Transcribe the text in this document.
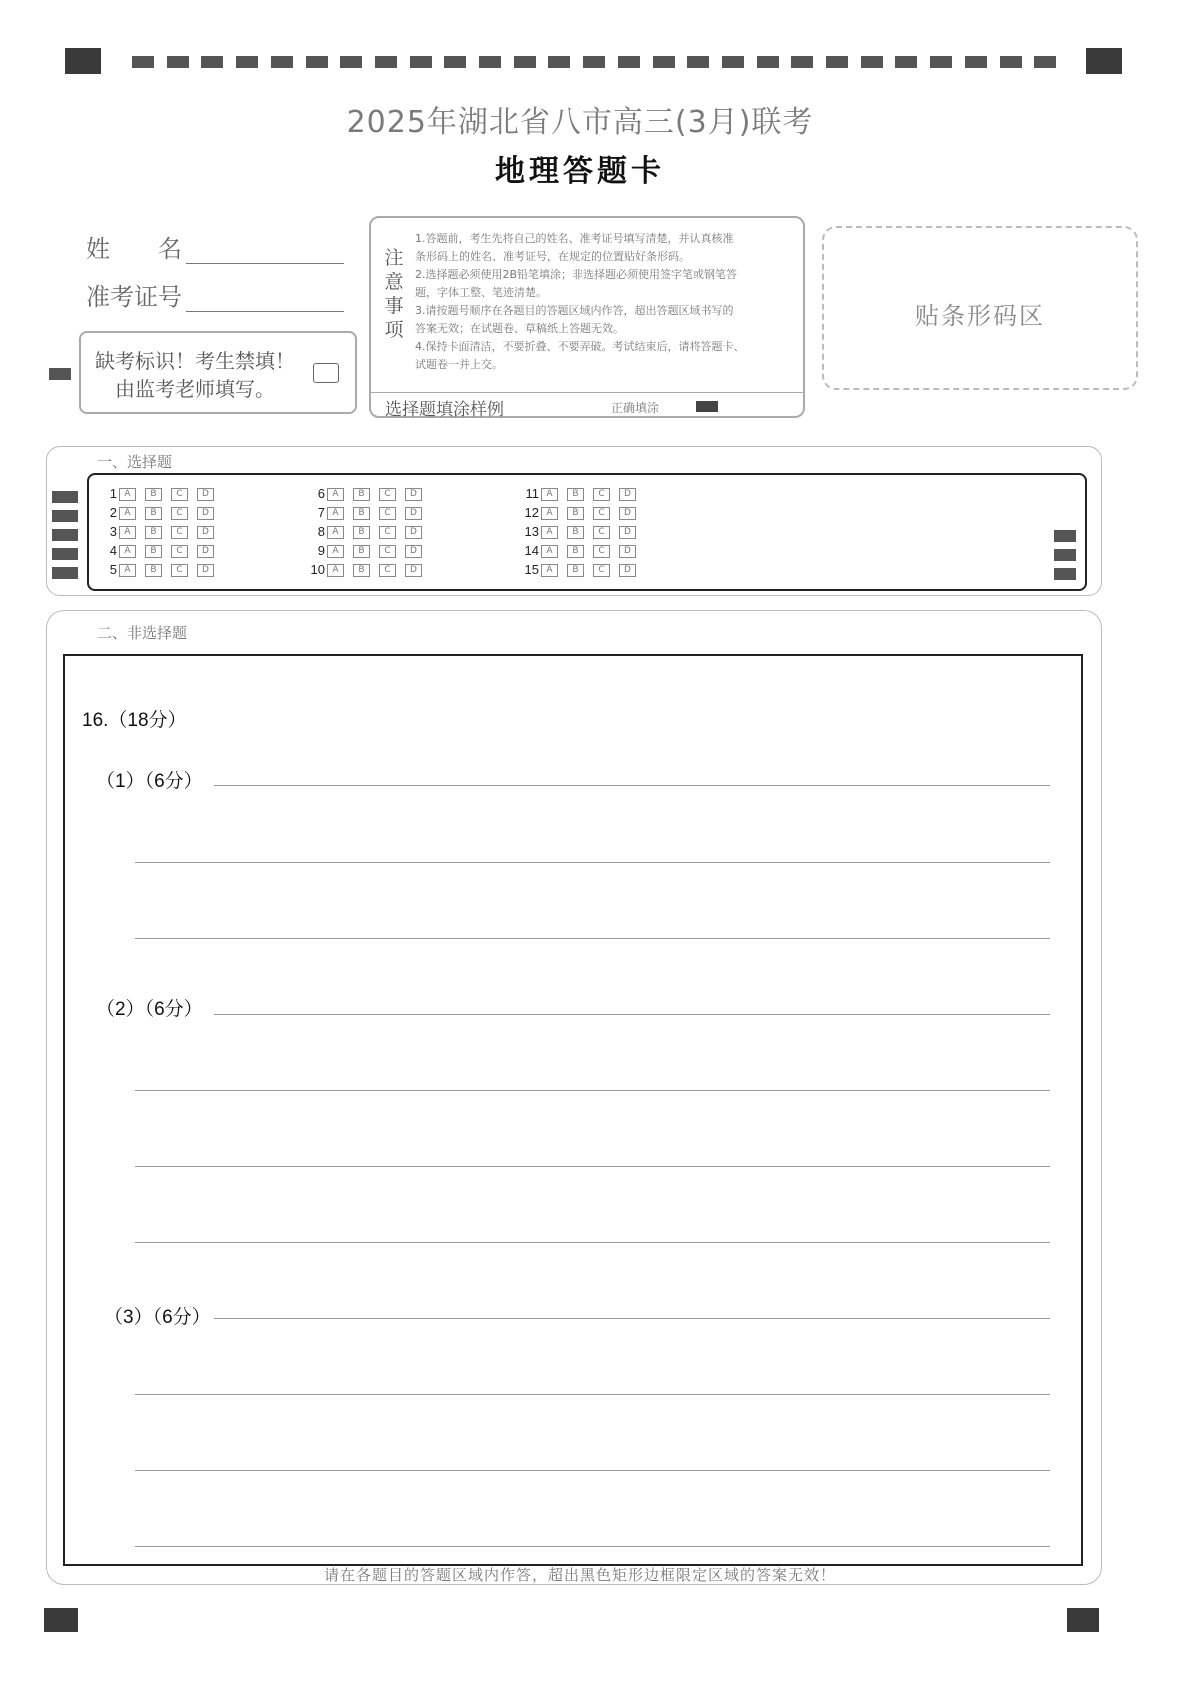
2025年湖北省八市高三(3月)联考
地理答题卡
姓　　名
准考证号
缺考标识！考生禁填！
由监考老师填写。
注
意
事
项
1.答题前，考生先将自己的姓名、准考证号填写清楚，并认真核准
条形码上的姓名、准考证号，在规定的位置贴好条形码。
2.选择题必须使用2B铅笔填涂；非选择题必须使用签字笔或钢笔答
题，字体工整、笔迹清楚。
3.请按题号顺序在各题目的答题区域内作答，超出答题区域书写的
答案无效；在试题卷、草稿纸上答题无效。
4.保持卡面清洁，不要折叠、不要弄破。考试结束后，请将答题卡、
试题卷一并上交。
选择题填涂样例	正确填涂
贴条形码区
一、选择题
1 A B C D
2 A B C D
3 A B C D
4 A B C D
5 A B C D
6 A B C D
7 A B C D
8 A B C D
9 A B C D
10 A B C D
11 A B C D
12 A B C D
13 A B C D
14 A B C D
15 A B C D
二、非选择题
16.（18分）
（1）（6分）
（2）（6分）
（3）（6分）
请在各题目的答题区域内作答，超出黑色矩形边框限定区域的答案无效！
